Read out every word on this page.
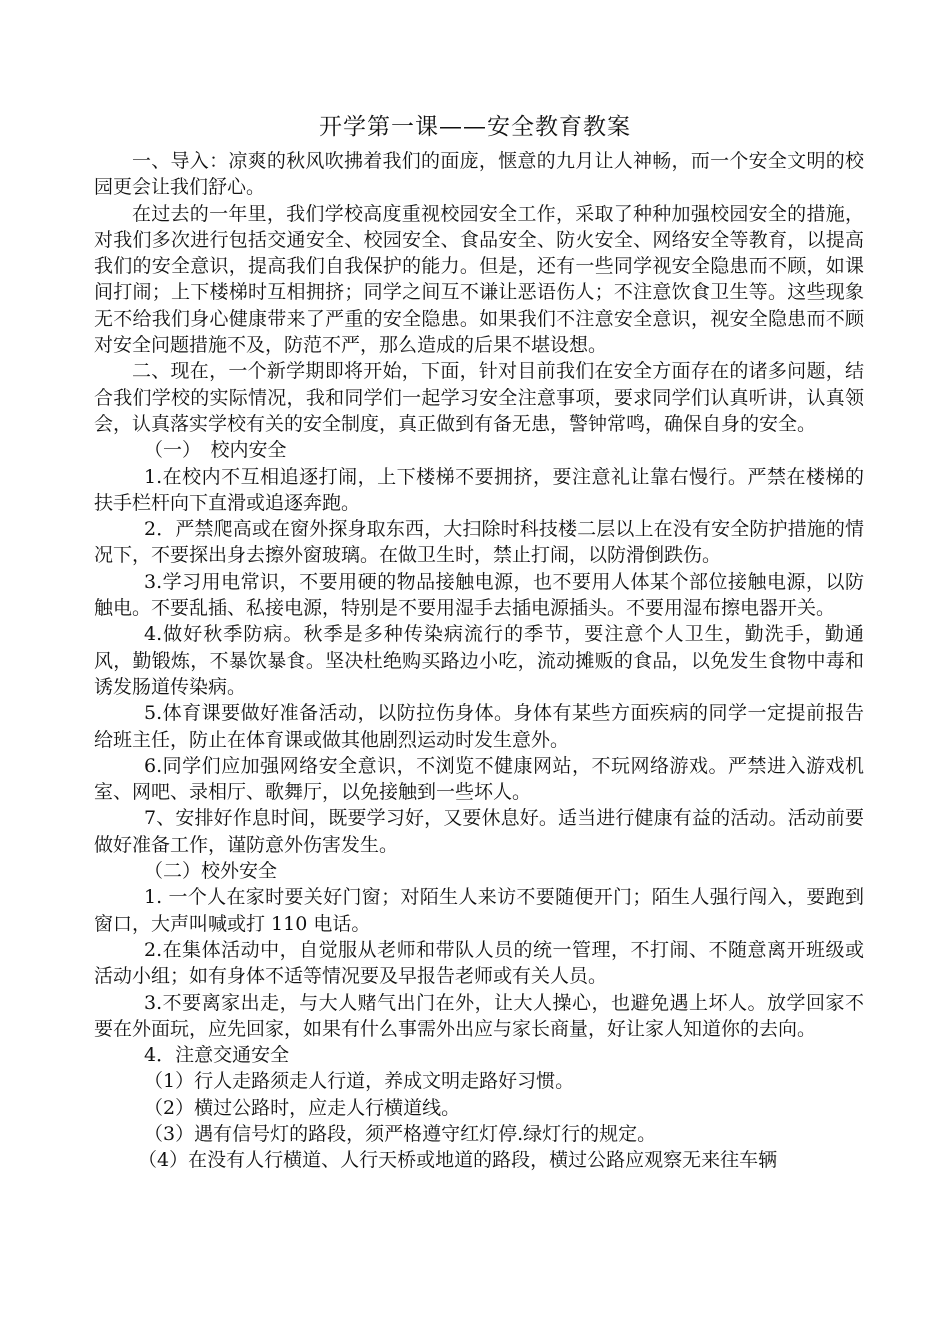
开学第一课——安全教育教案

一、导入：凉爽的秋风吹拂着我们的面庞，惬意的九月让人神畅，而一个安全文明的校园更会让我们舒心。

在过去的一年里，我们学校高度重视校园安全工作，采取了种种加强校园安全的措施，对我们多次进行包括交通安全、校园安全、食品安全、防火安全、网络安全等教育，以提高我们的安全意识，提高我们自我保护的能力。但是，还有一些同学视安全隐患而不顾，如课间打闹；上下楼梯时互相拥挤；同学之间互不谦让恶语伤人；不注意饮食卫生等。这些现象无不给我们身心健康带来了严重的安全隐患。如果我们不注意安全意识，视安全隐患而不顾对安全问题措施不及，防范不严，那么造成的后果不堪设想。

二、现在，一个新学期即将开始，下面，针对目前我们在安全方面存在的诸多问题，结合我们学校的实际情况，我和同学们一起学习安全注意事项，要求同学们认真听讲，认真领会，认真落实学校有关的安全制度，真正做到有备无患，警钟常鸣，确保自身的安全。

（一）　校内安全

1.在校内不互相追逐打闹，上下楼梯不要拥挤，要注意礼让靠右慢行。严禁在楼梯的扶手栏杆向下直滑或追逐奔跑。

2．严禁爬高或在窗外探身取东西，大扫除时科技楼二层以上在没有安全防护措施的情况下，不要探出身去擦外窗玻璃。在做卫生时，禁止打闹，以防滑倒跌伤。

3.学习用电常识，不要用硬的物品接触电源，也不要用人体某个部位接触电源，以防触电。不要乱插、私接电源，特别是不要用湿手去插电源插头。不要用湿布擦电器开关。

4.做好秋季防病。秋季是多种传染病流行的季节，要注意个人卫生，勤洗手，勤通风，勤锻炼，不暴饮暴食。坚决杜绝购买路边小吃，流动摊贩的食品，以免发生食物中毒和诱发肠道传染病。

5.体育课要做好准备活动，以防拉伤身体。身体有某些方面疾病的同学一定提前报告给班主任，防止在体育课或做其他剧烈运动时发生意外。

6.同学们应加强网络安全意识，不浏览不健康网站，不玩网络游戏。严禁进入游戏机室、网吧、录相厅、歌舞厅，以免接触到一些坏人。

7、安排好作息时间，既要学习好，又要休息好。适当进行健康有益的活动。活动前要做好准备工作，谨防意外伤害发生。

（二）校外安全

1. 一个人在家时要关好门窗；对陌生人来访不要随便开门；陌生人强行闯入，要跑到窗口，大声叫喊或打 110 电话。

2.在集体活动中，自觉服从老师和带队人员的统一管理，不打闹、不随意离开班级或活动小组；如有身体不适等情况要及早报告老师或有关人员。

3.不要离家出走，与大人赌气出门在外，让大人操心，也避免遇上坏人。放学回家不要在外面玩，应先回家，如果有什么事需外出应与家长商量，好让家人知道你的去向。

4．注意交通安全

（1）行人走路须走人行道，养成文明走路好习惯。

（2）横过公路时，应走人行横道线。

（3）遇有信号灯的路段，须严格遵守红灯停.绿灯行的规定。

（4）在没有人行横道、人行天桥或地道的路段，横过公路应观察无来往车辆
